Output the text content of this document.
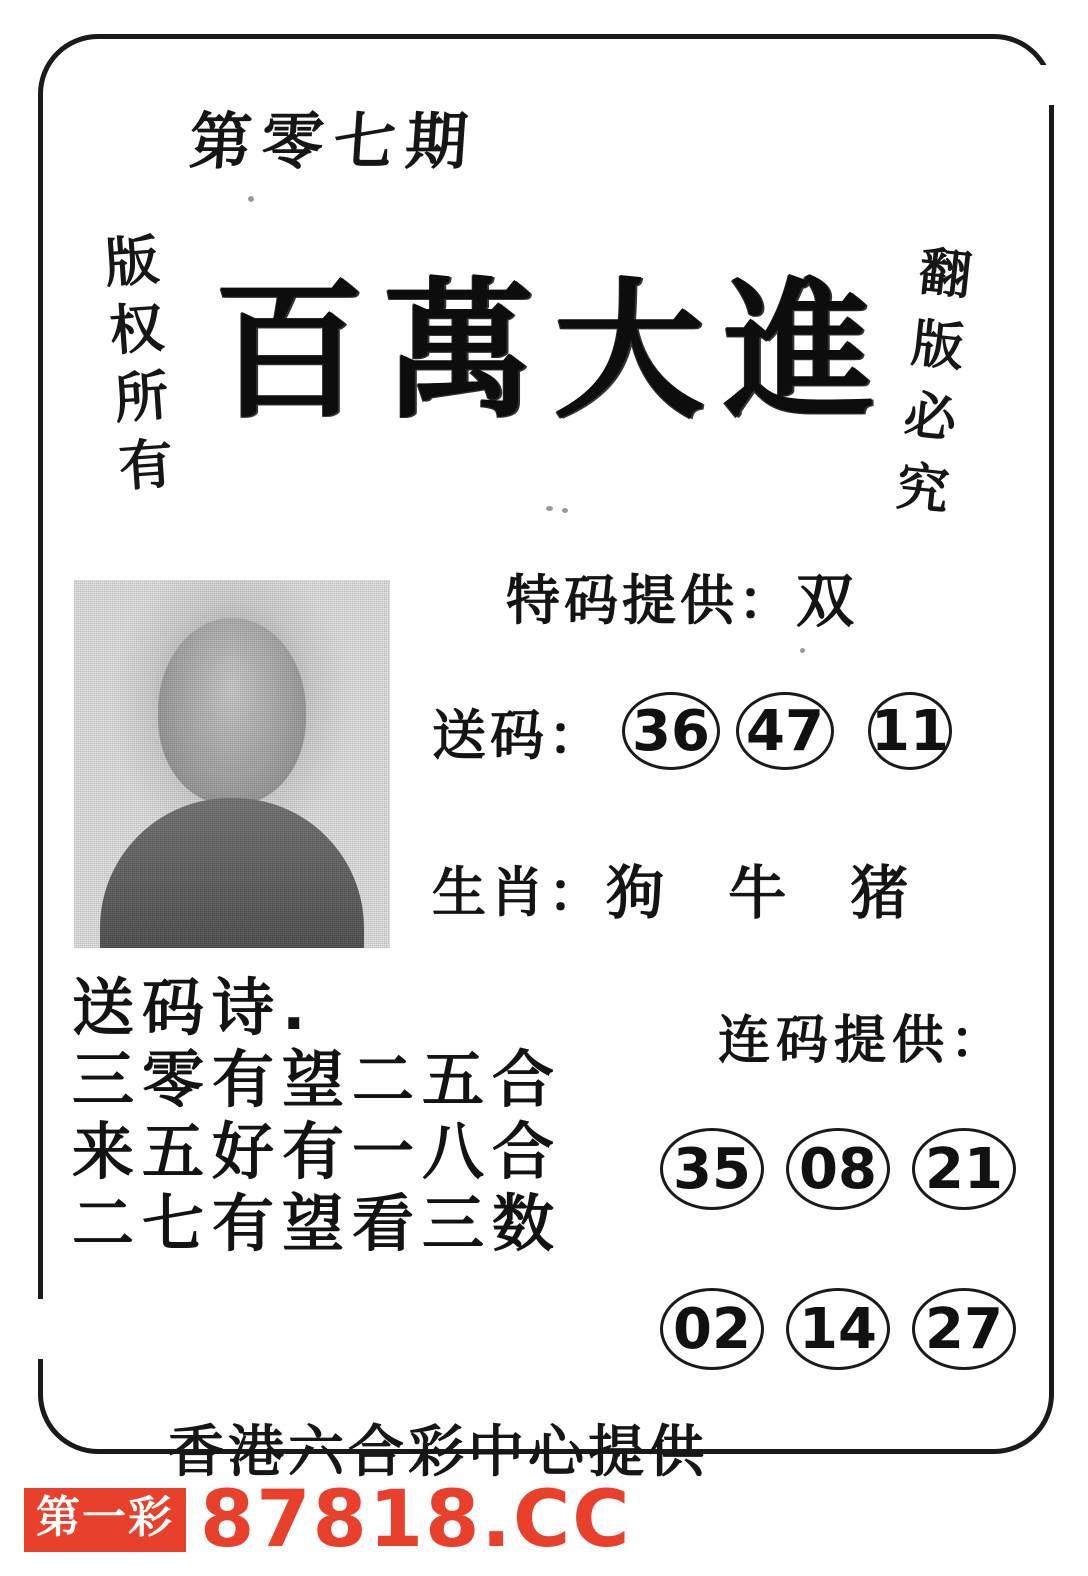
第零七期
版
权
所
有
翻
版
必
究
百萬大進
特码提供： 双
送码： 36 47 11
生肖： 狗 牛 猪
送码诗.
三零有望二五合
来五好有一八合
二七有望看三数
连码提供：
35 08 21
02 14 27
香港六合彩中心提供
第一彩 87818.CC
